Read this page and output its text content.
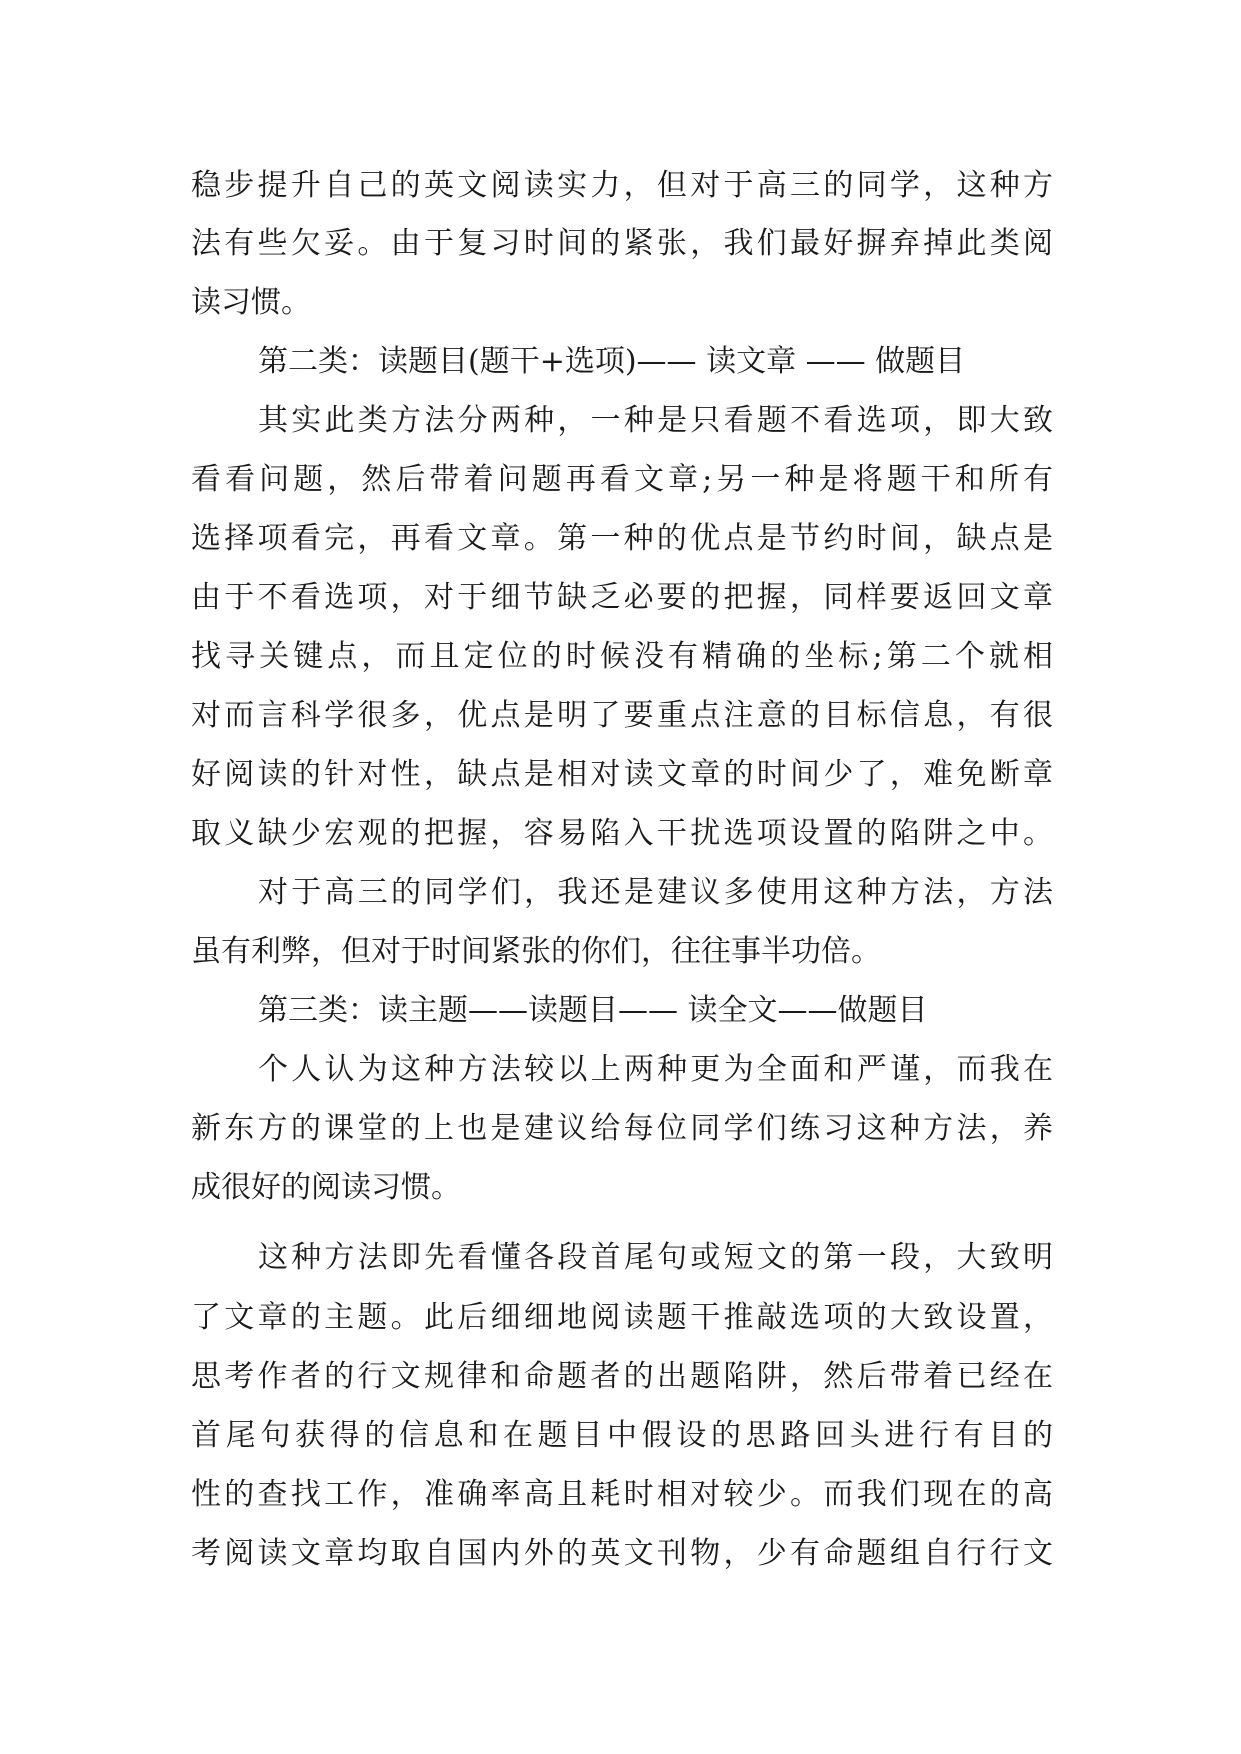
稳步提升自己的英文阅读实力，但对于高三的同学，这种方
法有些欠妥。由于复习时间的紧张，我们最好摒弃掉此类阅
读习惯。
第二类：读题目(题干+选项)—— 读文章 —— 做题目
其实此类方法分两种，一种是只看题不看选项，即大致
看看问题，然后带着问题再看文章;另一种是将题干和所有
选择项看完，再看文章。第一种的优点是节约时间，缺点是
由于不看选项，对于细节缺乏必要的把握，同样要返回文章
找寻关键点，而且定位的时候没有精确的坐标;第二个就相
对而言科学很多，优点是明了要重点注意的目标信息，有很
好阅读的针对性，缺点是相对读文章的时间少了，难免断章
取义缺少宏观的把握，容易陷入干扰选项设置的陷阱之中。
对于高三的同学们，我还是建议多使用这种方法，方法
虽有利弊，但对于时间紧张的你们，往往事半功倍。
第三类：读主题——读题目—— 读全文——做题目
个人认为这种方法较以上两种更为全面和严谨，而我在
新东方的课堂的上也是建议给每位同学们练习这种方法，养
成很好的阅读习惯。
这种方法即先看懂各段首尾句或短文的第一段，大致明
了文章的主题。此后细细地阅读题干推敲选项的大致设置，
思考作者的行文规律和命题者的出题陷阱，然后带着已经在
首尾句获得的信息和在题目中假设的思路回头进行有目的
性的查找工作，准确率高且耗时相对较少。而我们现在的高
考阅读文章均取自国内外的英文刊物，少有命题组自行行文
